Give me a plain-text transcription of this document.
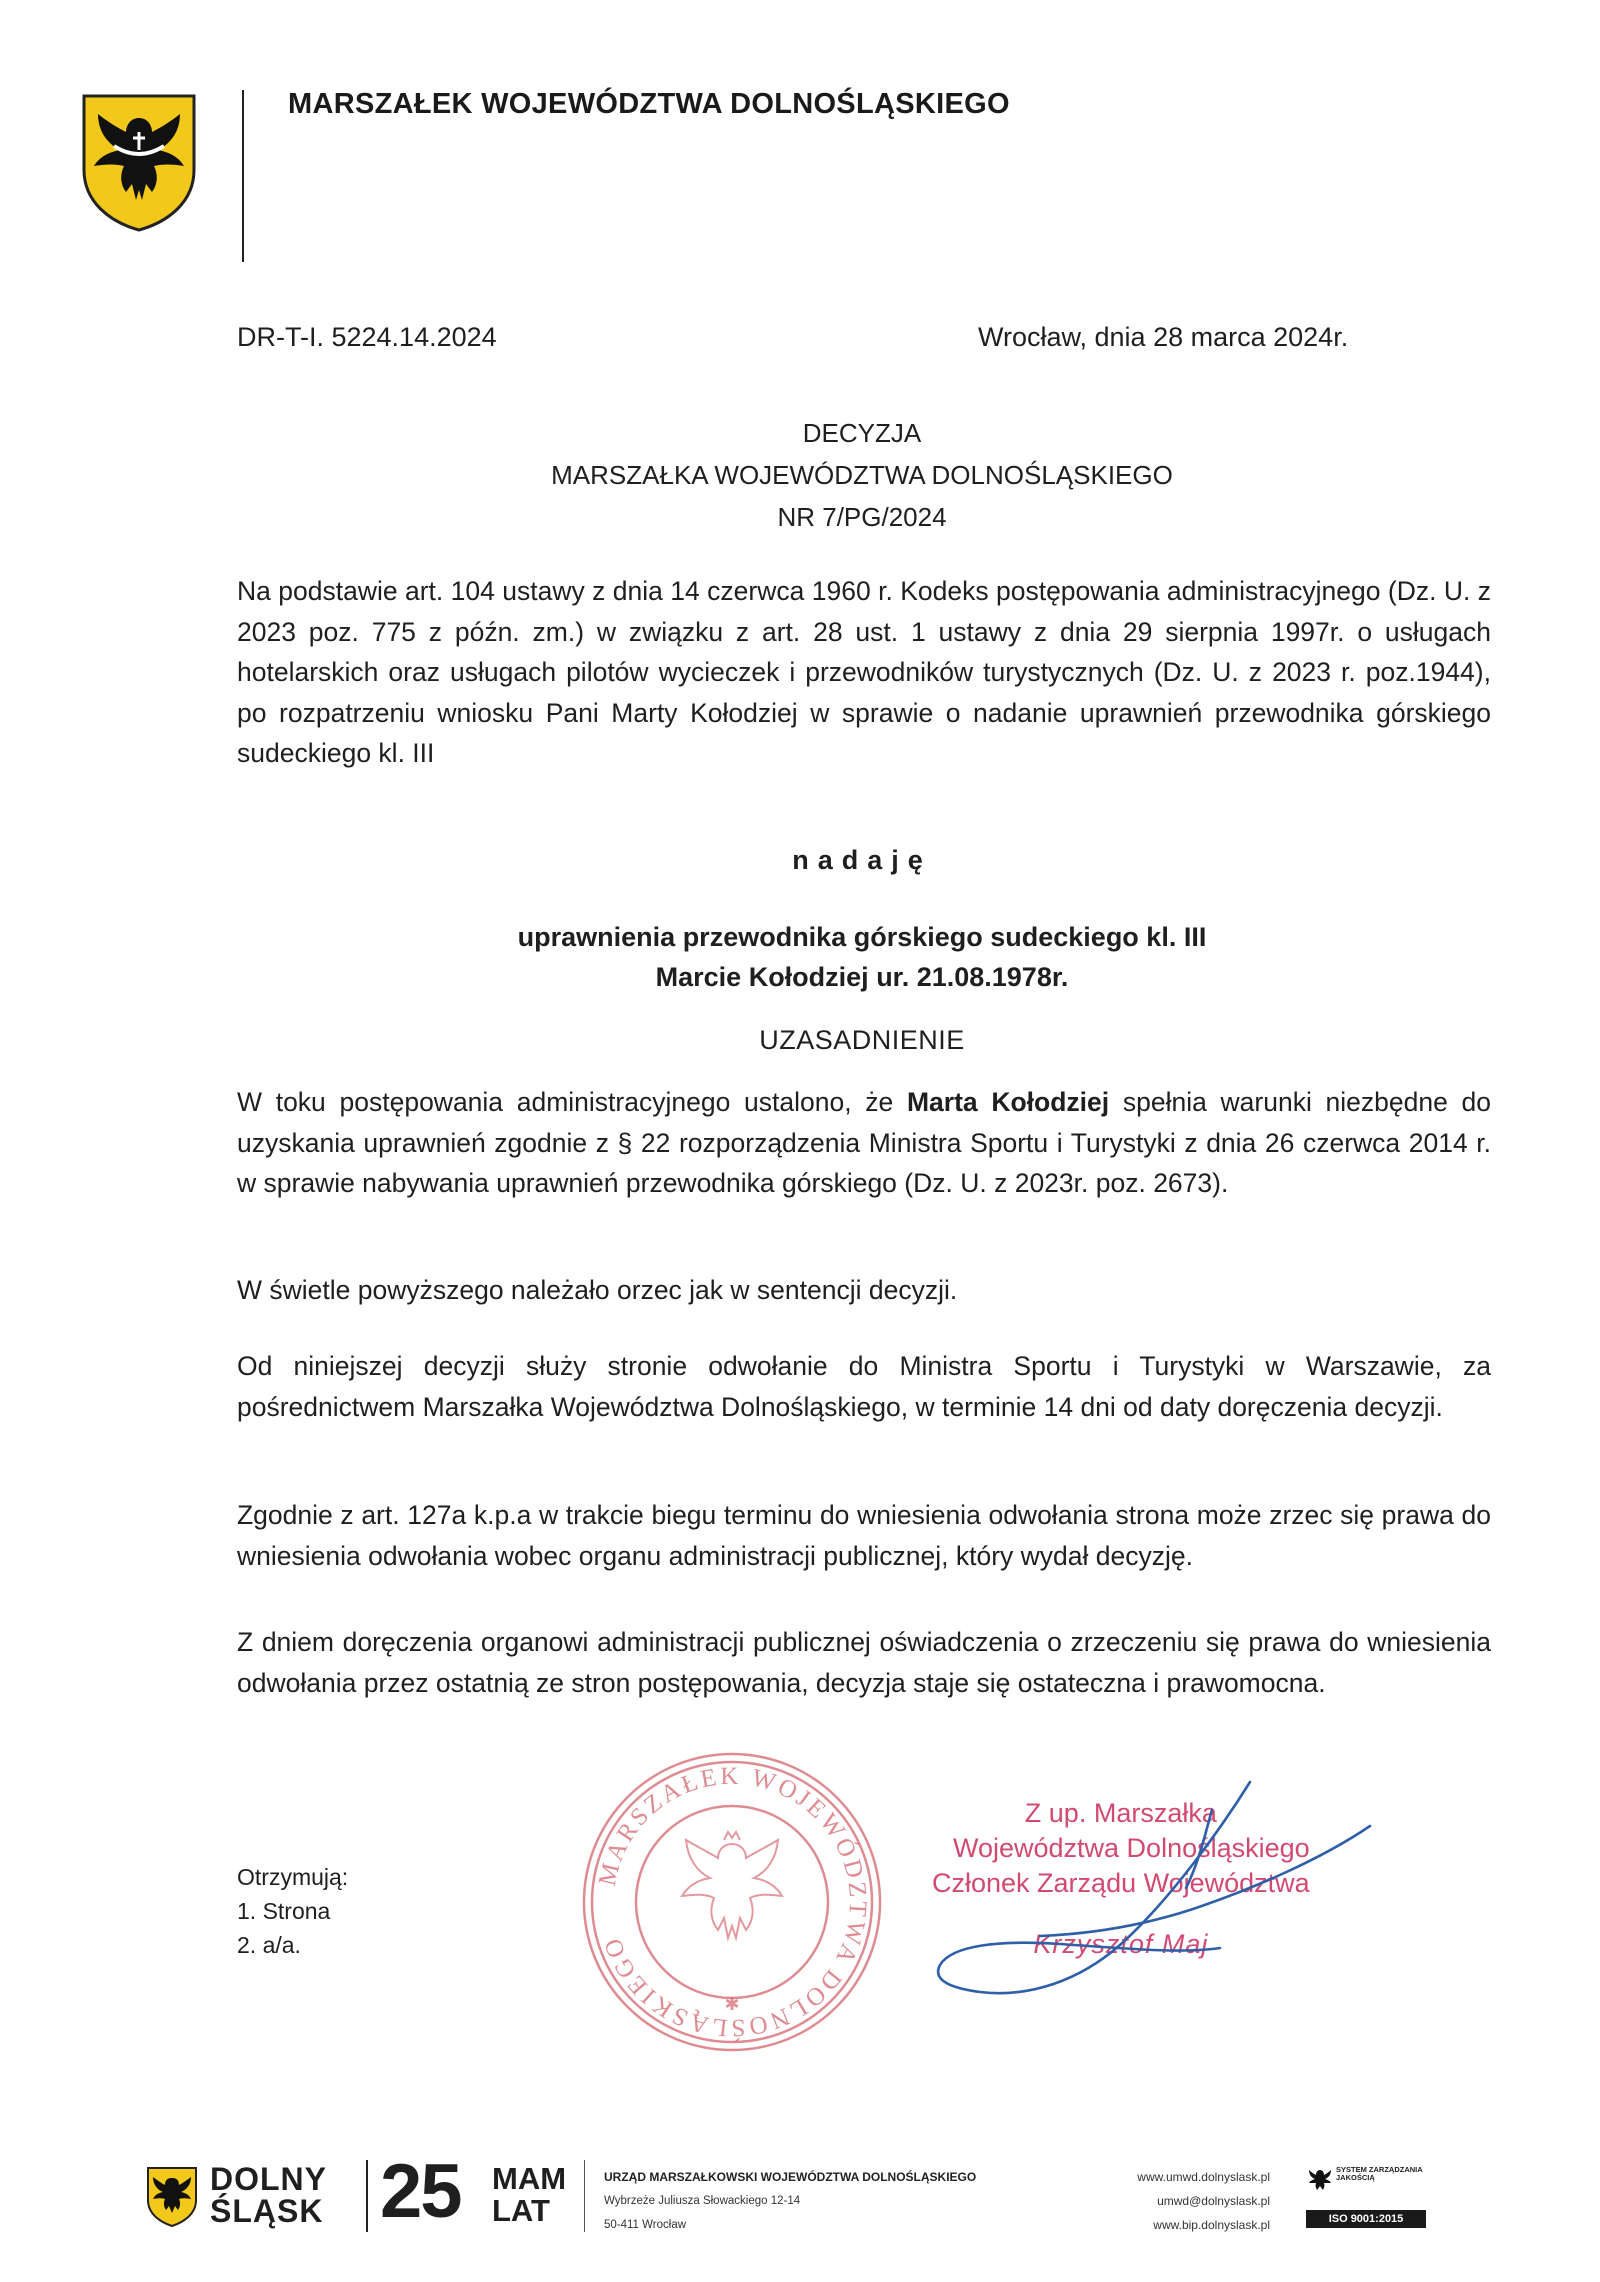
MARSZAŁEK WOJEWÓDZTWA DOLNOŚLĄSKIEGO
DR-T-I. 5224.14.2024	Wrocław, dnia 28 marca 2024r.
DECYZJA
MARSZAŁKA WOJEWÓDZTWA DOLNOŚLĄSKIEGO
NR 7/PG/2024
Na podstawie art. 104 ustawy z dnia 14 czerwca 1960 r. Kodeks postępowania administracyjnego (Dz. U. z 2023 poz. 775 z późn. zm.) w związku z art. 28 ust. 1 ustawy z dnia 29 sierpnia 1997r. o usługach hotelarskich oraz usługach pilotów wycieczek i przewodników turystycznych (Dz. U. z 2023 r. poz.1944), po rozpatrzeniu wniosku Pani Marty Kołodziej w sprawie o nadanie uprawnień przewodnika górskiego sudeckiego kl. III
nadaję
uprawnienia przewodnika górskiego sudeckiego kl. III
Marcie Kołodziej ur. 21.08.1978r.
UZASADNIENIE
W toku postępowania administracyjnego ustalono, że Marta Kołodziej spełnia warunki niezbędne do uzyskania uprawnień zgodnie z § 22 rozporządzenia Ministra Sportu i Turystyki z dnia 26 czerwca 2014 r. w sprawie nabywania uprawnień przewodnika górskiego (Dz. U. z 2023r. poz. 2673).
W świetle powyższego należało orzec jak w sentencji decyzji.
Od niniejszej decyzji służy stronie odwołanie do Ministra Sportu i Turystyki w Warszawie, za pośrednictwem Marszałka Województwa Dolnośląskiego, w terminie 14 dni od daty doręczenia decyzji.
Zgodnie z art. 127a k.p.a w trakcie biegu terminu do wniesienia odwołania strona może zrzec się prawa do wniesienia odwołania wobec organu administracji publicznej, który wydał decyzję.
Z dniem doręczenia organowi administracji publicznej oświadczenia o zrzeczeniu się prawa do wniesienia odwołania przez ostatnią ze stron postępowania, decyzja staje się ostateczna i prawomocna.
Otrzymują:
1. Strona
2. a/a.
MARSZAŁEK WOJEWÓDZTWA DOLNOŚLĄSKIEGO
✱
Z up. Marszałka
Województwa Dolnośląskiego
Członek Zarządu Województwa
Krzysztof Maj
DOLNY
ŚLĄSK 25 MAM
LAT
URZĄD MARSZAŁKOWSKI WOJEWÓDZTWA DOLNOŚLĄSKIEGO
Wybrzeże Juliusza Słowackiego 12-14
50-411 Wrocław
www.umwd.dolnyslask.pl
umwd@dolnyslask.pl
www.bip.dolnyslask.pl
SYSTEM ZARZĄDZANIA JAKOŚCIĄ
ISO 9001:2015
